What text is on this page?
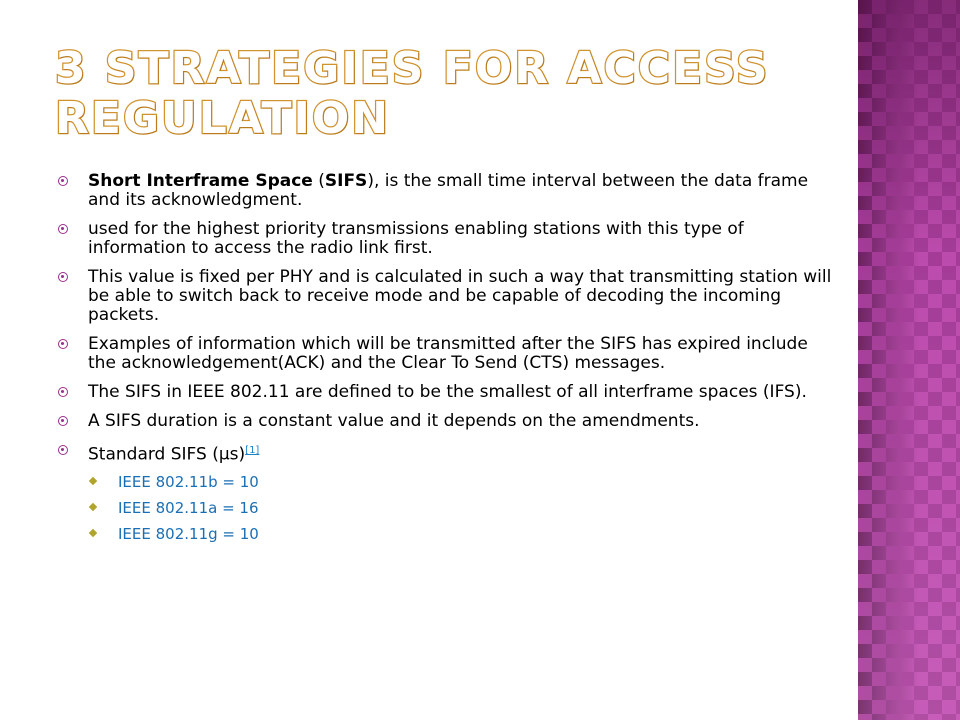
3 STRATEGIES FOR ACCESS REGULATION
Short Interframe Space (SIFS), is the small time interval between the data frame and its acknowledgment.
used for the highest priority transmissions enabling stations with this type of information to access the radio link first.
This value is fixed per PHY and is calculated in such a way that transmitting station will be able to switch back to receive mode and be capable of decoding the incoming packets.
Examples of information which will be transmitted after the SIFS has expired include the acknowledgement(ACK) and the Clear To Send (CTS) messages.
The SIFS in IEEE 802.11 are defined to be the smallest of all interframe spaces (IFS).
A SIFS duration is a constant value and it depends on the amendments.
Standard SIFS (µs)[1]
IEEE 802.11b = 10
IEEE 802.11a = 16
IEEE 802.11g = 10
